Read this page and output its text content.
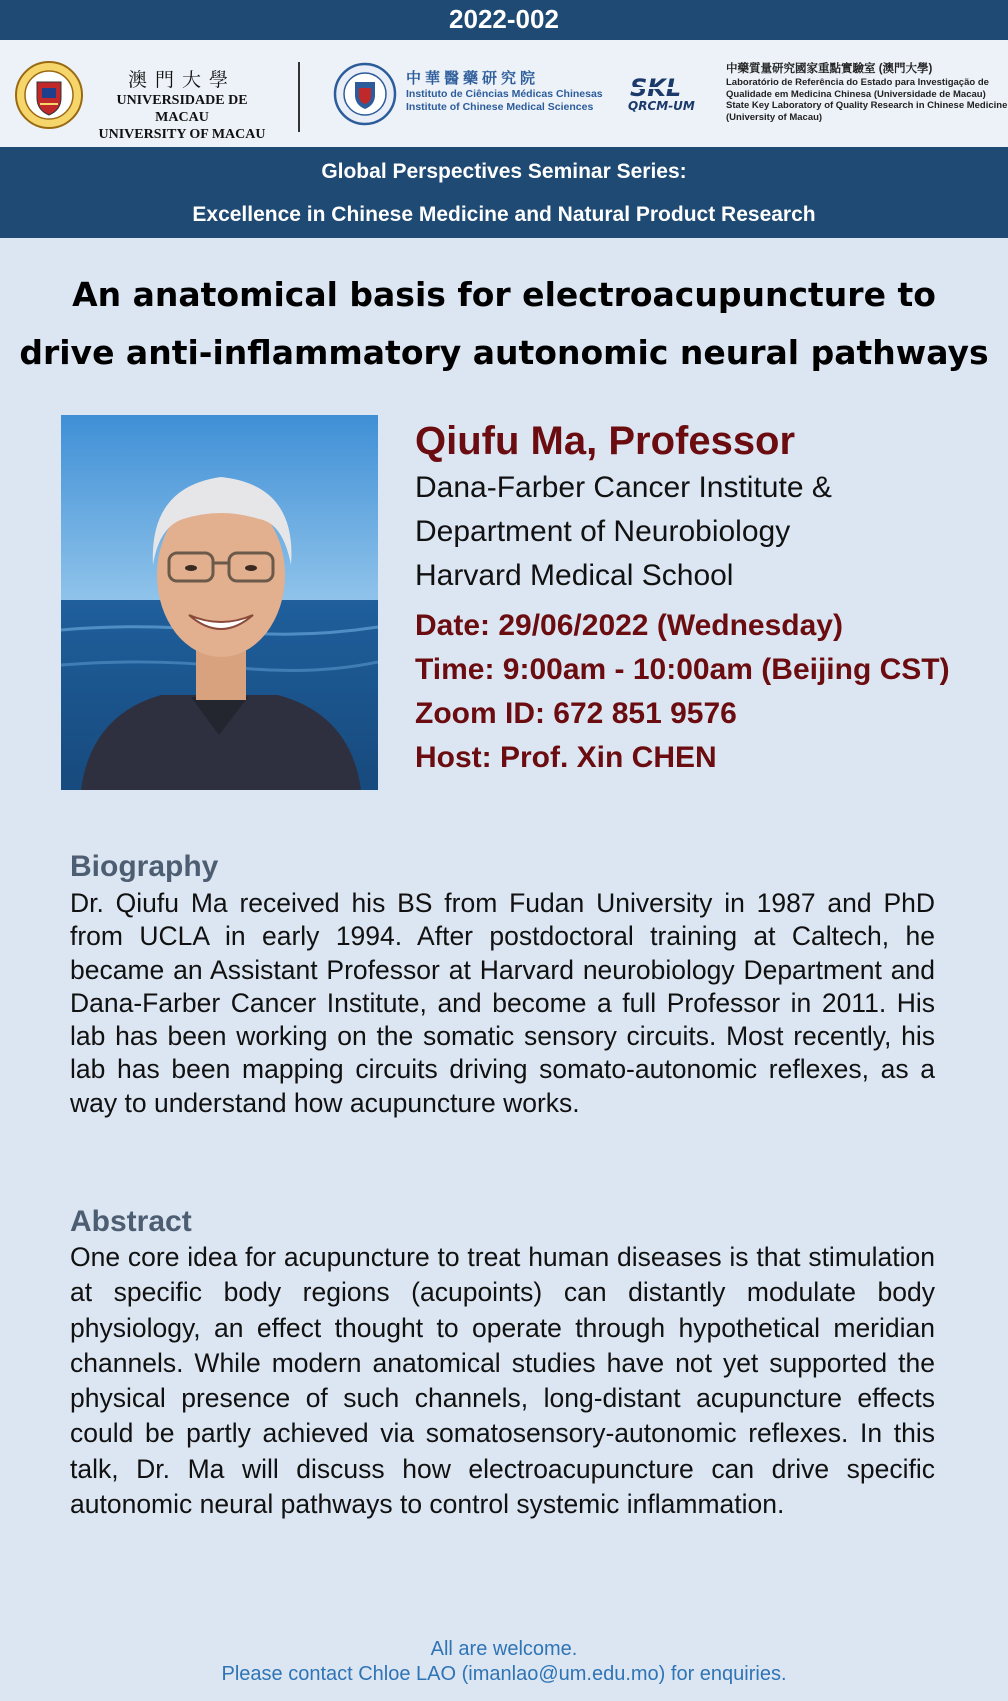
2022-002
澳門大學
UNIVERSIDADE DE MACAU
UNIVERSITY OF MACAU
中華醫藥研究院
Instituto de Ciências Médicas Chinesas
Institute of Chinese Medical Sciences
SKL
QRCM-UM
中藥質量研究國家重點實驗室 (澳門大學)
Laboratório de Referência do Estado para Investigação de
Qualidade em Medicina Chinesa (Universidade de Macau)
State Key Laboratory of Quality Research in Chinese Medicine
(University of Macau)
Global Perspectives Seminar Series:
Excellence in Chinese Medicine and Natural Product Research
An anatomical basis for electroacupuncture to
drive anti-inflammatory autonomic neural pathways
Qiufu Ma, Professor
Dana-Farber Cancer Institute &
Department of Neurobiology
Harvard Medical School
Date: 29/06/2022 (Wednesday)
Time: 9:00am - 10:00am (Beijing CST)
Zoom ID: 672 851 9576
Host: Prof. Xin CHEN
Biography
Dr. Qiufu Ma received his BS from Fudan University in 1987 and PhD from UCLA in early 1994. After postdoctoral training at Caltech, he became an Assistant Professor at Harvard neurobiology Department and Dana-Farber Cancer Institute, and become a full Professor in 2011. His lab has been working on the somatic sensory circuits. Most recently, his lab has been mapping circuits driving somato-autonomic reflexes, as a way to understand how acupuncture works.
Abstract
One core idea for acupuncture to treat human diseases is that stimulation at specific body regions (acupoints) can distantly modulate body physiology, an effect thought to operate through hypothetical meridian channels. While modern anatomical studies have not yet supported the physical presence of such channels, long-distant acupuncture effects could be partly achieved via somatosensory-autonomic reflexes. In this talk, Dr. Ma will discuss how electroacupuncture can drive specific autonomic neural pathways to control systemic inflammation.
All are welcome.
Please contact Chloe LAO (imanlao@um.edu.mo) for enquiries.
